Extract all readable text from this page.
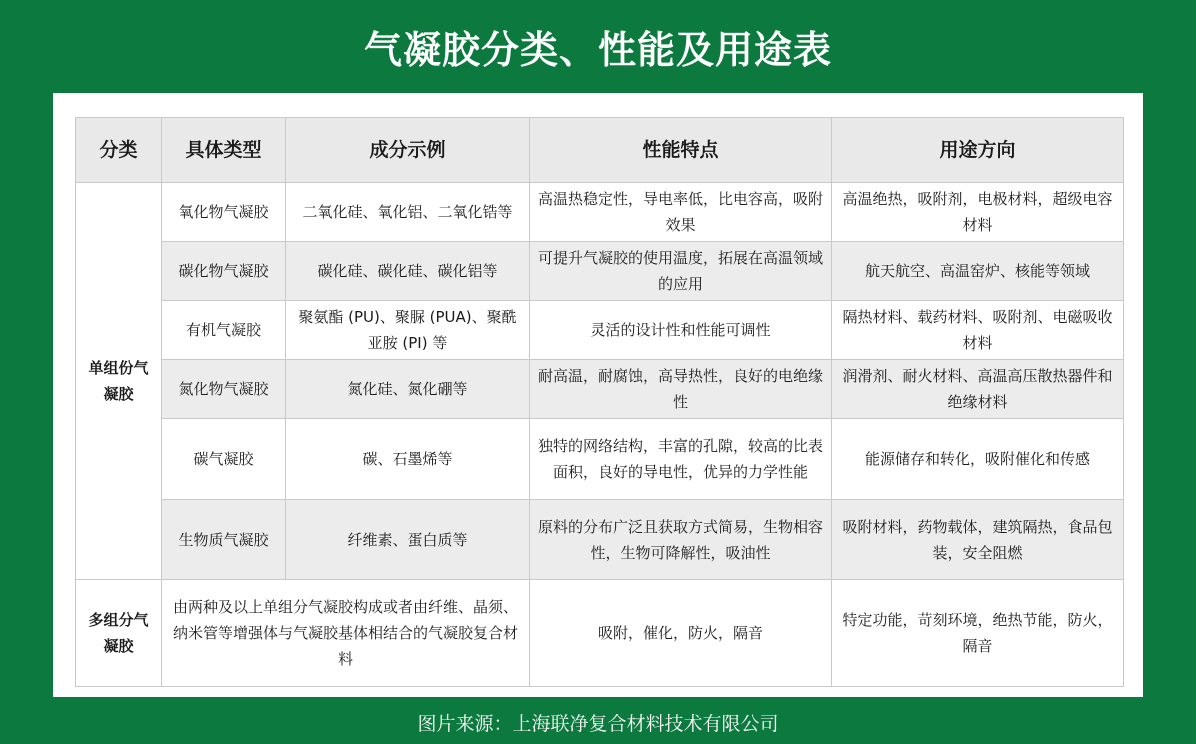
气凝胶分类、性能及用途表
分类	具体类型	成分示例	性能特点	用途方向
单组份气凝胶	氧化物气凝胶	二氧化硅、氧化铝、二氧化锆等	高温热稳定性，导电率低，比电容高，吸附效果	高温绝热，吸附剂，电极材料，超级电容材料
	碳化物气凝胶	碳化硅、碳化硅、碳化铝等	可提升气凝胶的使用温度，拓展在高温领域的应用	航天航空、高温窑炉、核能等领域
	有机气凝胶	聚氨酯 (PU)、聚脲 (PUA)、聚酰亚胺 (PI) 等	灵活的设计性和性能可调性	隔热材料、载药材料、吸附剂、电磁吸收材料
	氮化物气凝胶	氮化硅、氮化硼等	耐高温，耐腐蚀，高导热性，良好的电绝缘性	润滑剂、耐火材料、高温高压散热器件和绝缘材料
	碳气凝胶	碳、石墨烯等	独特的网络结构，丰富的孔隙，较高的比表面积，良好的导电性，优异的力学性能	能源储存和转化，吸附催化和传感
	生物质气凝胶	纤维素、蛋白质等	原料的分布广泛且获取方式简易，生物相容性，生物可降解性，吸油性	吸附材料，药物载体，建筑隔热，食品包装，安全阻燃
多组分气凝胶	由两种及以上单组分气凝胶构成或者由纤维、晶须、纳米管等增强体与气凝胶基体相结合的气凝胶复合材料		吸附，催化，防火，隔音	特定功能，苛刻环境，绝热节能，防火，隔音
图片来源：上海联净复合材料技术有限公司
